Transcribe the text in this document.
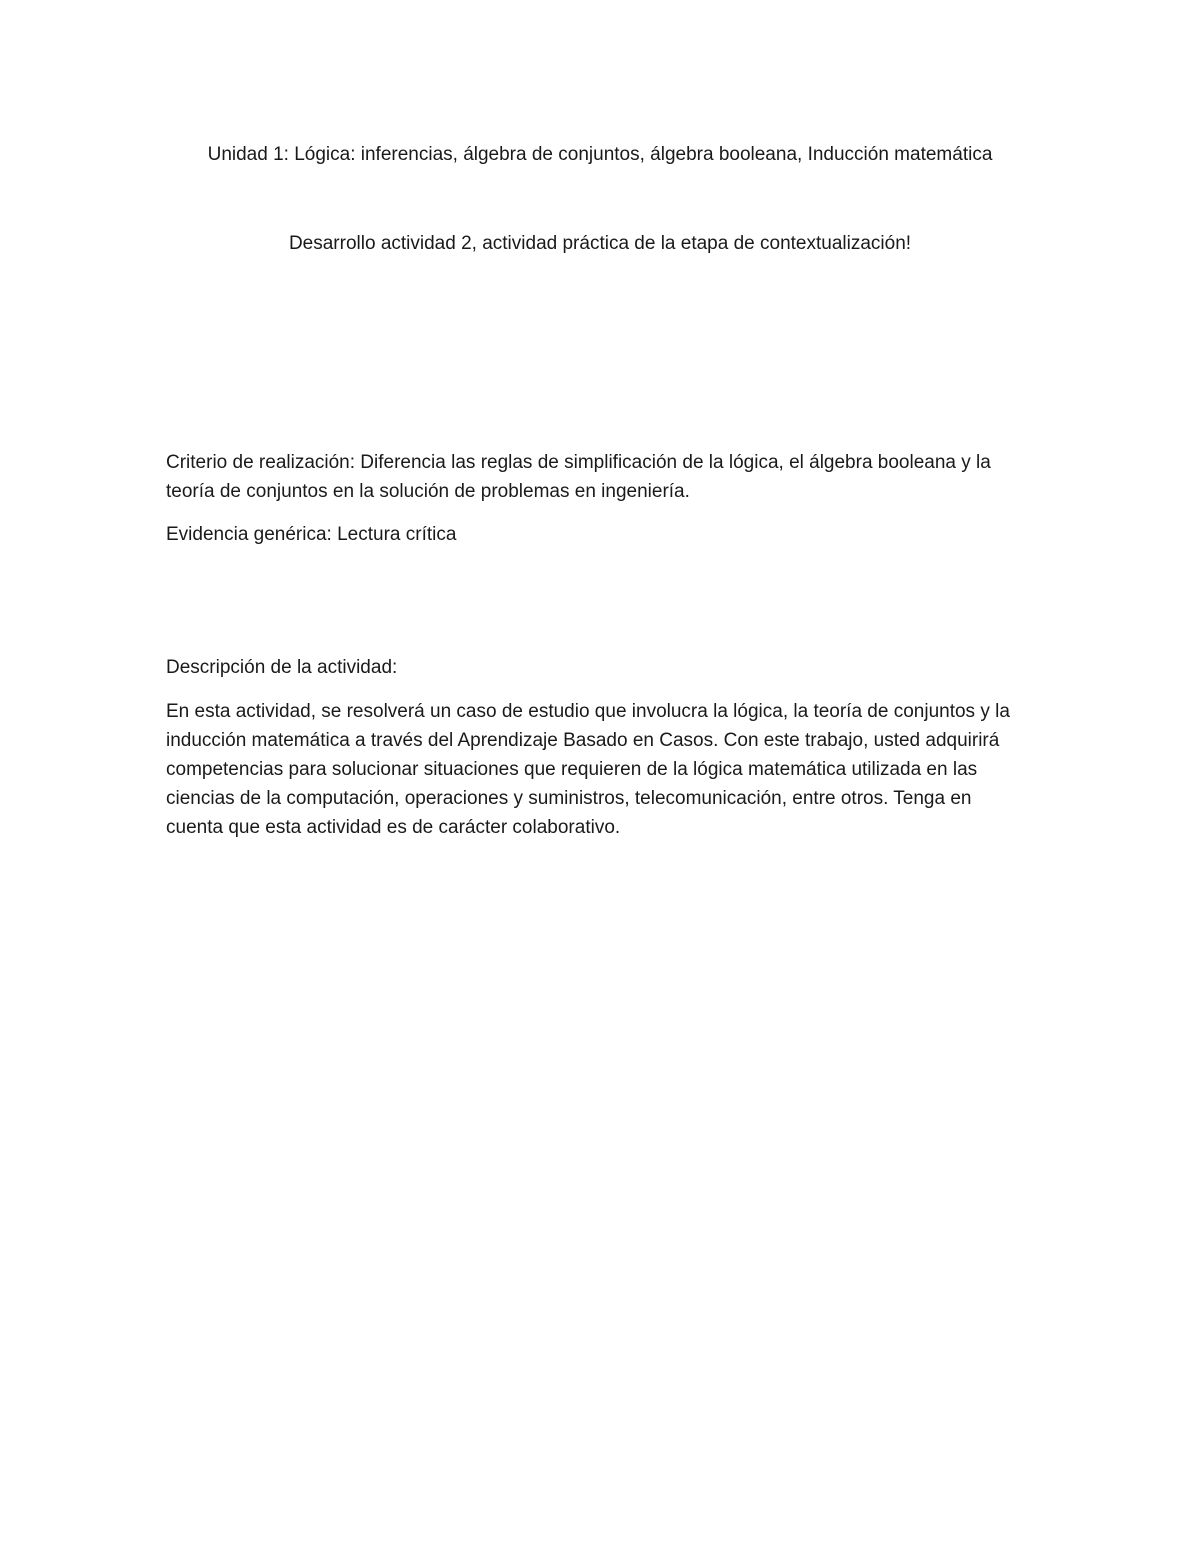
Unidad 1: Lógica: inferencias, álgebra de conjuntos, álgebra booleana, Inducción matemática

Desarrollo actividad 2, actividad práctica de la etapa de contextualización!

Criterio de realización: Diferencia las reglas de simplificación de la lógica, el álgebra booleana y la

teoría de conjuntos en la solución de problemas en ingeniería.

Evidencia genérica: Lectura crítica

Descripción de la actividad:

En esta actividad, se resolverá un caso de estudio que involucra la lógica, la teoría de conjuntos y la

inducción matemática a través del Aprendizaje Basado en Casos. Con este trabajo, usted adquirirá

competencias para solucionar situaciones que requieren de la lógica matemática utilizada en las

ciencias de la computación, operaciones y suministros, telecomunicación, entre otros. Tenga en

cuenta que esta actividad es de carácter colaborativo.
